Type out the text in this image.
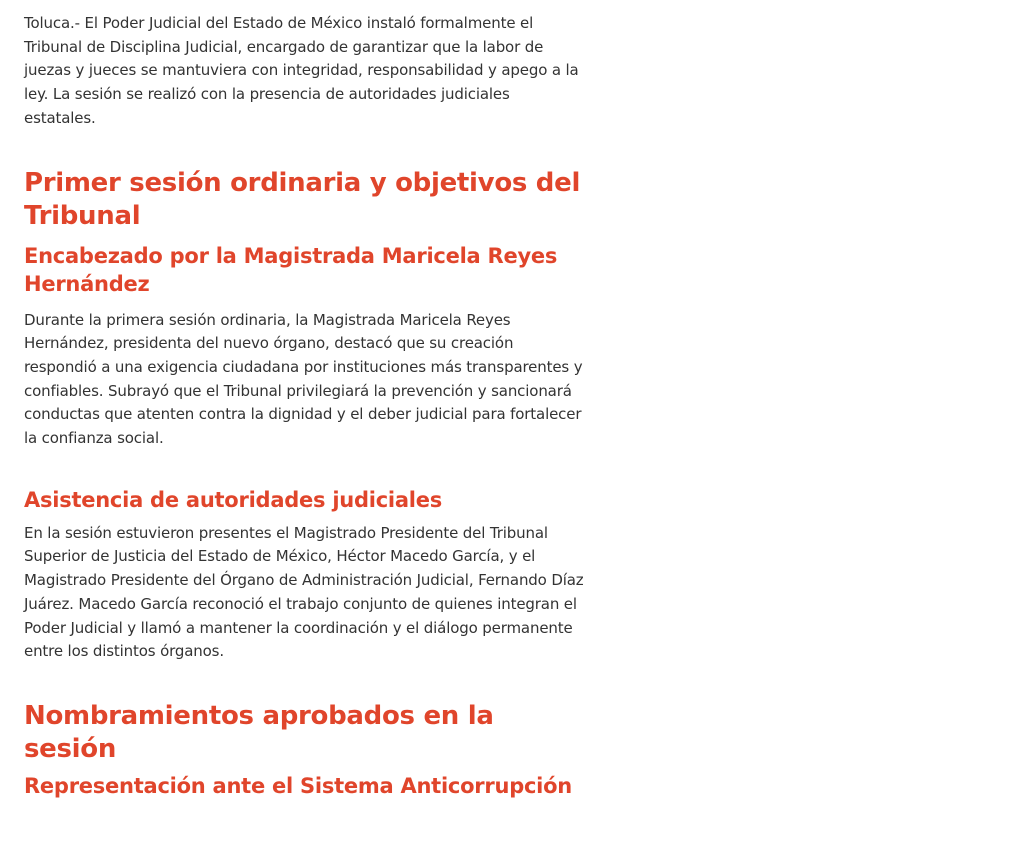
Toluca.- El Poder Judicial del Estado de México instaló formalmente el Tribunal de Disciplina Judicial, encargado de garantizar que la labor de juezas y jueces se mantuviera con integridad, responsabilidad y apego a la ley. La sesión se realizó con la presencia de autoridades judiciales estatales.

Primer sesión ordinaria y objetivos del Tribunal
Encabezado por la Magistrada Maricela Reyes Hernández

Durante la primera sesión ordinaria, la Magistrada Maricela Reyes Hernández, presidenta del nuevo órgano, destacó que su creación respondió a una exigencia ciudadana por instituciones más transparentes y confiables. Subrayó que el Tribunal privilegiará la prevención y sancionará conductas que atenten contra la dignidad y el deber judicial para fortalecer la confianza social.

Asistencia de autoridades judiciales

En la sesión estuvieron presentes el Magistrado Presidente del Tribunal Superior de Justicia del Estado de México, Héctor Macedo García, y el Magistrado Presidente del Órgano de Administración Judicial, Fernando Díaz Juárez. Macedo García reconoció el trabajo conjunto de quienes integran el Poder Judicial y llamó a mantener la coordinación y el diálogo permanente entre los distintos órganos.

Nombramientos aprobados en la sesión
Representación ante el Sistema Anticorrupción
